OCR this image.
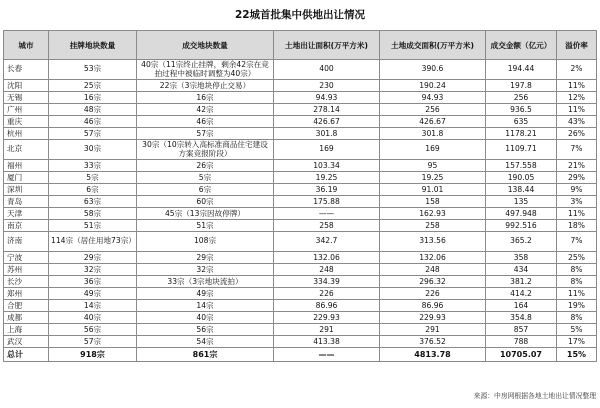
22城首批集中供地出让情况
城市	挂牌地块数量	成交地块数量	土地出让面积(万平方米)	土地成交面积(万平方米)	成交金额（亿元）	溢价率
长春	53宗	40宗（11宗终止挂牌，剩余42宗在竞拍过程中被临时调整为40宗）	400	390.6	194.44	2%
沈阳	25宗	22宗（3宗地块停止交易）	230	190.24	197.8	11%
无锡	16宗	16宗	94.93	94.93	256	12%
广州	48宗	42宗	278.14	256	936.5	11%
重庆	46宗	46宗	426.67	426.67	635	43%
杭州	57宗	57宗	301.8	301.8	1178.21	26%
北京	30宗	30宗（10宗转入高标准商品住宅建设方案竞报阶段）	169	169	1109.71	7%
福州	33宗	26宗	103.34	95	157.558	21%
厦门	5宗	5宗	19.25	19.25	190.05	29%
深圳	6宗	6宗	36.19	91.01	138.44	9%
青岛	63宗	60宗	175.88	158	135	3%
天津	58宗	45宗（13宗因故停牌）	——	162.93	497.948	11%
南京	51宗	51宗	258	258	992.516	18%
济南	114宗（居住用地73宗）	108宗	342.7	313.56	365.2	7%
宁波	29宗	29宗	132.06	132.06	358	25%
苏州	32宗	32宗	248	248	434	8%
长沙	36宗	33宗（3宗地块流拍）	334.39	296.32	381.2	8%
郑州	49宗	49宗	226	226	414.2	11%
合肥	14宗	14宗	86.96	86.96	164	19%
成都	40宗	40宗	229.93	229.93	354.8	8%
上海	56宗	56宗	291	291	857	5%
武汉	57宗	54宗	413.38	376.52	788	17%
总计	918宗	861宗	——	4813.78	10705.07	15%
来源：中房网根据各地土地出让情况整理
